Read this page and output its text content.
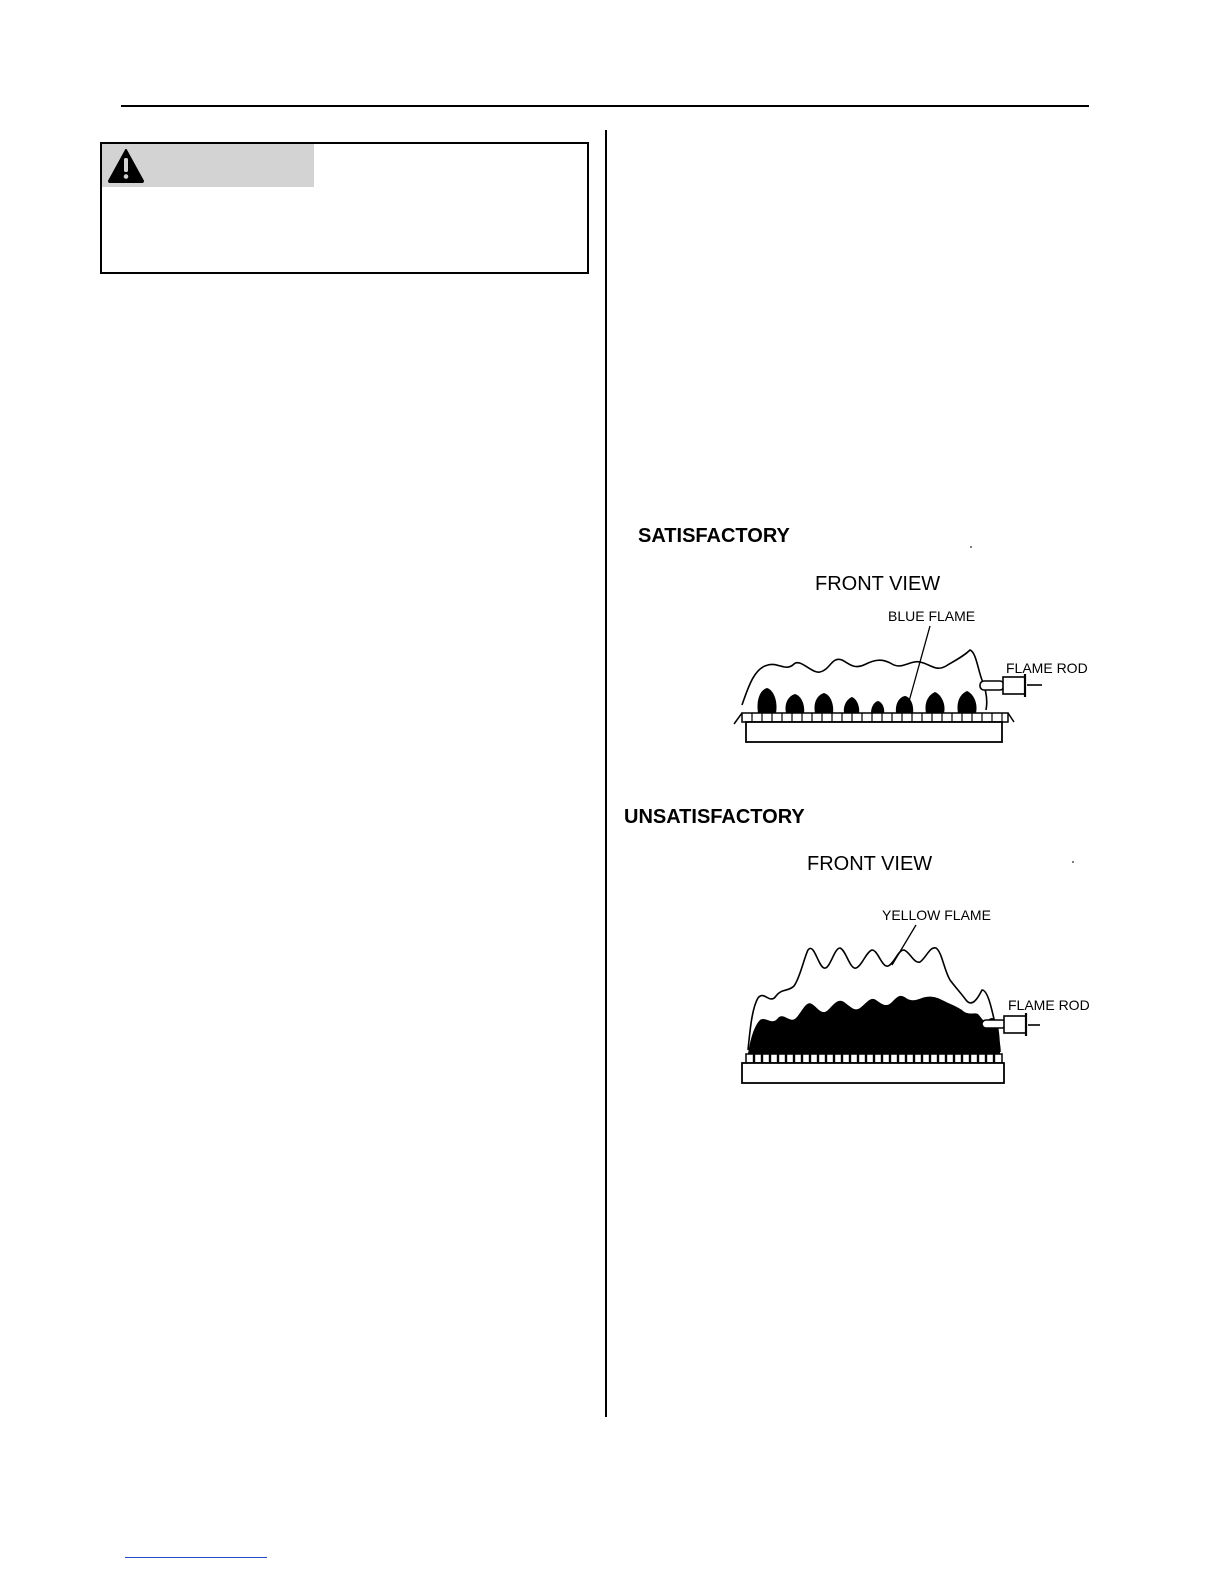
SATISFACTORY
FRONT VIEW
BLUE FLAME
FLAME ROD
UNSATISFACTORY
FRONT VIEW
YELLOW FLAME
FLAME ROD
